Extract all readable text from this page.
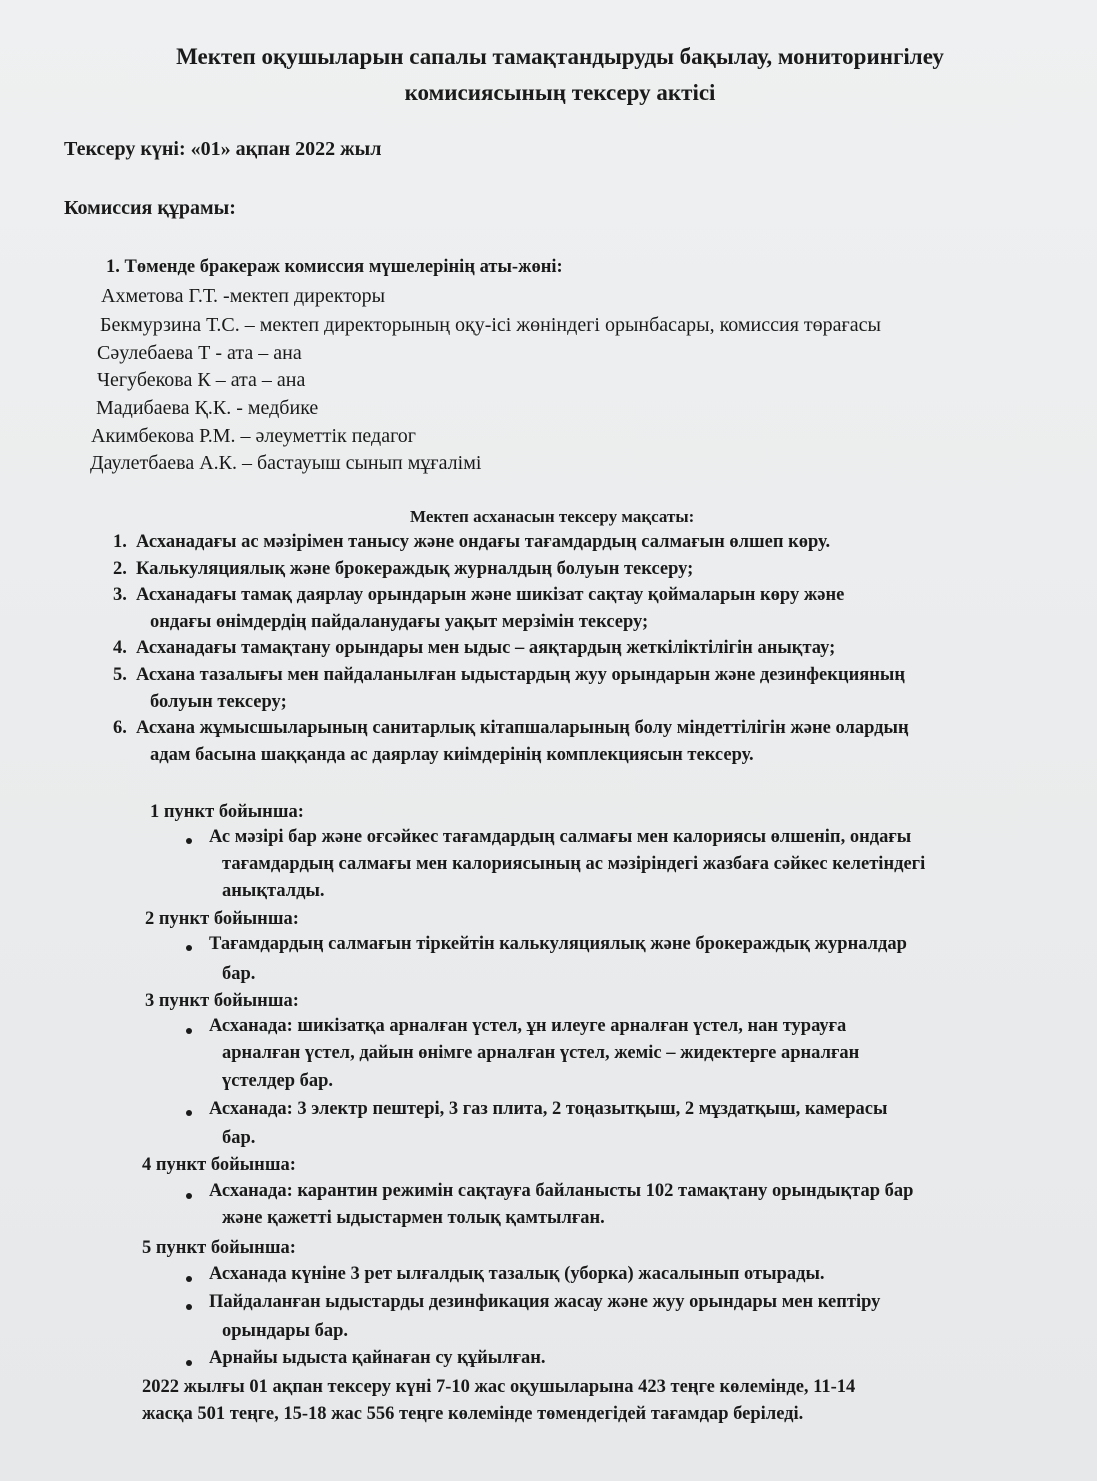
Мектеп оқушыларын сапалы тамақтандыруды бақылау, мониторингілеу
комисиясының тексеру актісі
Тексеру күні: «01» ақпан 2022 жыл
Комиссия құрамы:
1. Төменде бракераж комиссия мүшелерінің аты-жөні:
Ахметова Г.Т. -мектеп директоры
Бекмурзина Т.С. – мектеп директорының оқу-ісі жөніндегі орынбасары, комиссия төрағасы
Сәулебаева Т - ата – ана
Чегубекова К – ата – ана
Мадибаева Қ.К. - медбике
Акимбекова Р.М. – әлеуметтік педагог
Даулетбаева А.К. – бастауыш сынып мұғалімі
Мектеп асханасын тексеру мақсаты:
1. Асханадағы ас мәзірімен танысу және ондағы тағамдардың салмағын өлшеп көру.
2. Калькуляциялық және брокераждық журналдың болуын тексеру;
3. Асханадағы тамақ даярлау орындарын және шикізат сақтау қоймаларын көру және
ондағы өнімдердің пайдаланудағы уақыт мерзімін тексеру;
4. Асханадағы тамақтану орындары мен ыдыс – аяқтардың жеткіліктілігін анықтау;
5. Асхана тазалығы мен пайдаланылған ыдыстардың жуу орындарын және дезинфекцияның
болуын тексеру;
6. Асхана жұмысшыларының санитарлық кітапшаларының болу міндеттілігін және олардың
адам басына шаққанда ас даярлау киімдерінің комплекциясын тексеру.
1 пункт бойынша:
Ас мәзірі бар және оғсәйкес тағамдардың салмағы мен калориясы өлшеніп, ондағы
тағамдардың салмағы мен калориясының ас мәзіріндегі жазбаға сәйкес келетіндегі
анықталды.
2 пункт бойынша:
Тағамдардың салмағын тіркейтін калькуляциялық және брокераждық журналдар
бар.
3 пункт бойынша:
Асханада: шикізатқа арналған үстел, ұн илеуге арналған үстел, нан турауға
арналған үстел, дайын өнімге арналған үстел, жеміс – жидектерге арналған
үстелдер бар.
Асханада: 3 электр пештері, 3 газ плита, 2 тоңазытқыш, 2 мұздатқыш, камерасы
бар.
4 пункт бойынша:
Асханада: карантин режимін сақтауға байланысты 102 тамақтану орындықтар бар
және қажетті ыдыстармен толық қамтылған.
5 пункт бойынша:
Асханада күніне 3 рет ылғалдық тазалық (уборка) жасалынып отырады.
Пайдаланған ыдыстарды дезинфикация жасау және жуу орындары мен кептіру
орындары бар.
Арнайы ыдыста қайнаған су құйылған.
2022 жылғы 01 ақпан тексеру күні 7-10 жас оқушыларына 423 теңге көлемінде, 11-14
жасқа 501 теңге, 15-18 жас 556 теңге көлемінде төмендегідей тағамдар беріледі.
